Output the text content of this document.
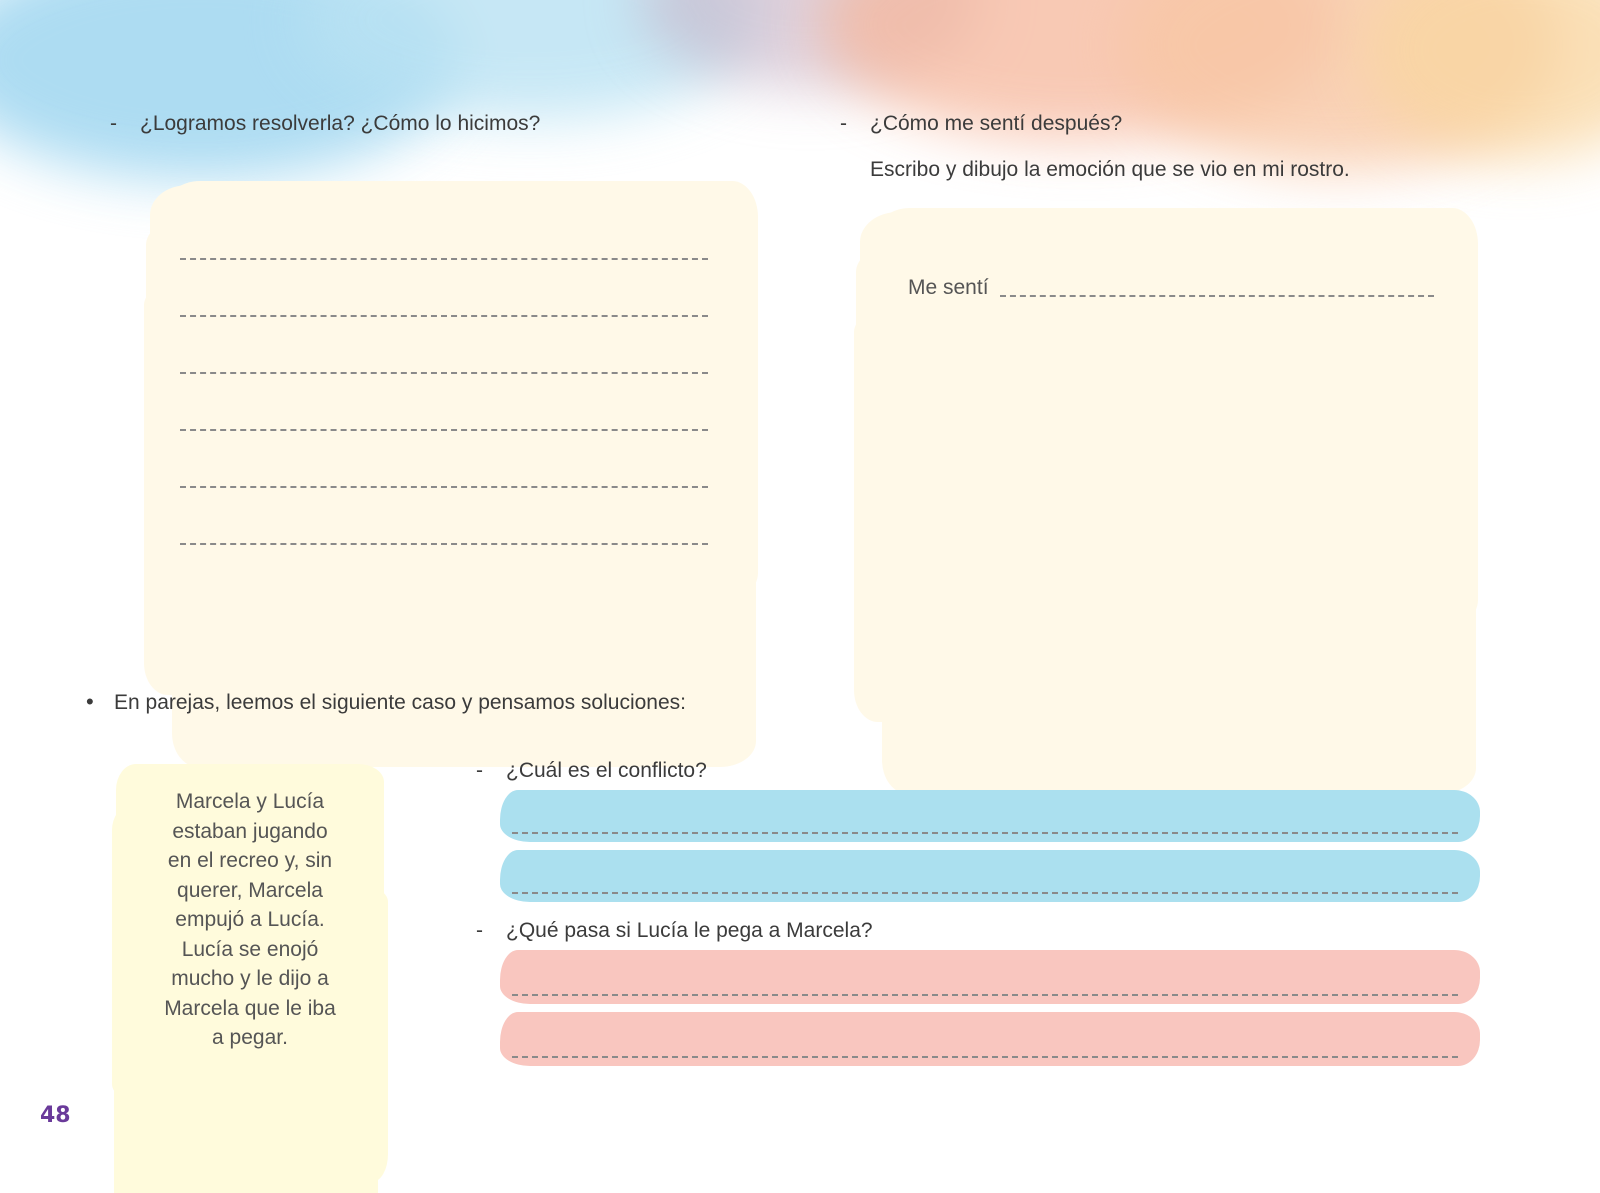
- ¿Logramos resolverla? ¿Cómo lo hicimos?	- ¿Cómo me sentí después?
Escribo y dibujo la emoción que se vio en mi rostro.
Me sentí
• En parejas, leemos el siguiente caso y pensamos soluciones:
Marcela y Lucía
estaban jugando
en el recreo y, sin
querer, Marcela
empujó a Lucía.
Lucía se enojó
mucho y le dijo a
Marcela que le iba
a pegar.
- ¿Cuál es el conflicto?
- ¿Qué pasa si Lucía le pega a Marcela?
48
